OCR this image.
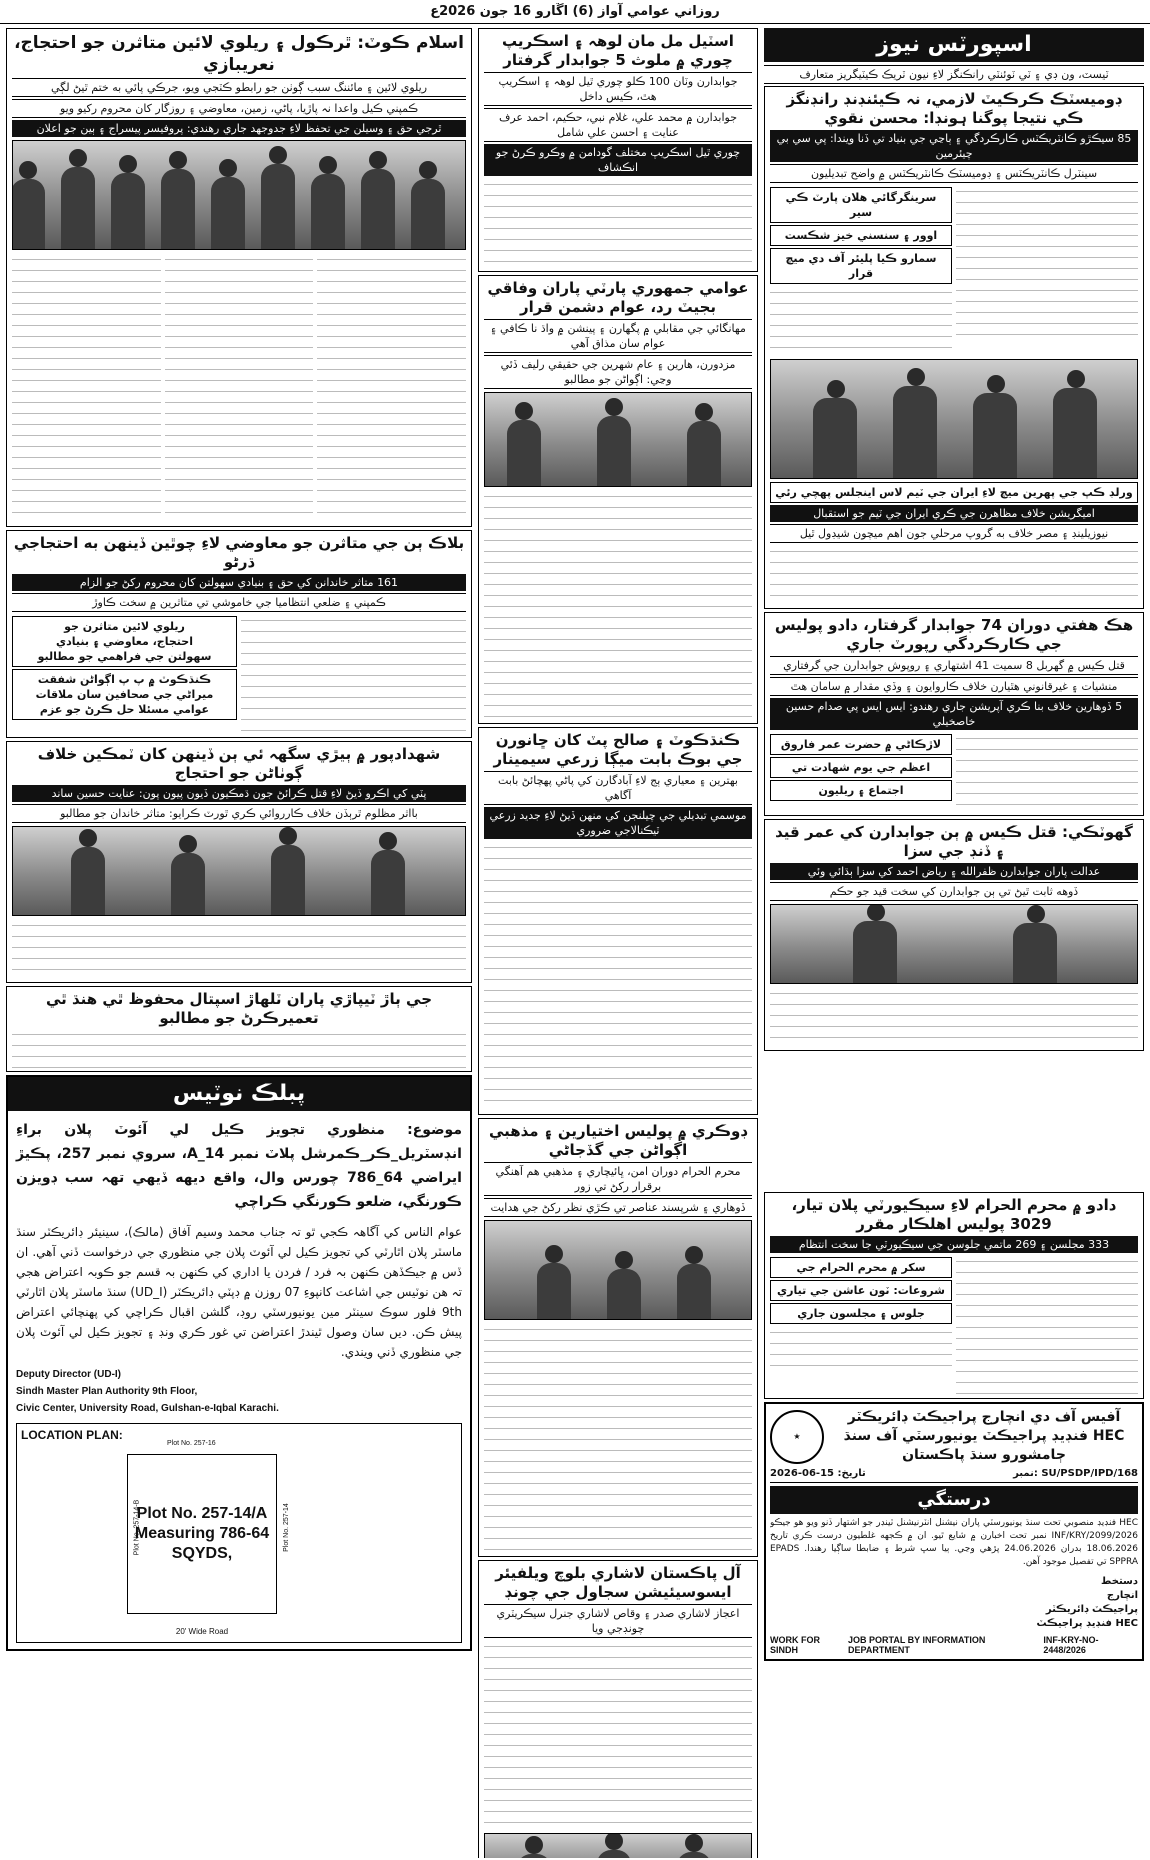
روزاني عوامي آواز (6) اڱارو 16 جون 2026ع
اسلام ڪوٽ: ٿرڪول ۽ ريلوي لائين متاثرن جو احتجاج، نعريبازي
ريلوي لائين ۽ مائننگ سبب ڳوٺن جو رابطو ڪٽجي ويو، جرڪي پائي به ختم ٿيڻ لڳي
ڪمپني ڪيل واعدا نہ پاڙيا، پاڻي، زمين، معاوضي ۽ روزگار کان محروم رکيو ويو
ٿرجي حق ۽ وسيلن جي تحفظ لاءِ جدوجهد جاري رهندي: پروفيسر پيسراج ۽ ٻين جو اعلان
بلاڪ ٻن جي متاثرن جو معاوضي لاءِ چوٿين ڏينهن به احتجاجي ڌرڻو
161 متاثر خاندانن کي حق ۽ بنيادي سهولتن کان محروم رکڻ جو الزام
ڪمپني ۽ ضلعي انتظاميا جي خاموشي تي متاثرين ۾ سخت ڪاوڙ
ريلوي لائين متاثرن جو
احتجاج، معاوضي ۽ بنيادي
سهولتن جي فراهمي جو مطالبو
ڪنڌڪوٽ ۾ پ پ اڳواڻن شفقت
ميراڻي جي صحافين سان ملاقات
عوامي مسئلا حل ڪرڻ جو عزم
شهدادپور ۾ ٻيڙي سگهہ ئي ٻن ڏينهن کان ٽمڪين خلاف ڳوٺاڻن جو احتجاج
پٽي کي اڪرو ڏيڻ لاءِ قتل ڪرائڻ جون ڌمڪيون ڏيون پيون پون: عنايت حسين ساند
بااثر مظلوم ٿرٻڏن خلاف ڪارروائي ڪري ٿورٽ ڪرايو: متاثر خاندان جو مطالبو
جي ٻاڙ ٽيپاڙي پاران ٽلهاڙ اسپتال محفوظ ٿي هنڌ ٿي تعميرڪرڻ جو مطالبو
پبلڪ نوٽيس
موضوع: منظوري تجويز ڪيل لي آئوٽ پلان براءِ انڊسٽريل_ڪر_ڪمرشل پلاٽ نمبر A_14، سروي نمبر 257، پڪيڙ ايراضي 64_786 چورس وال، واقع ديهه ڏيهي تهہ سب ڊويزن ڪورنگي، ضلعو ڪورنگي ڪراچي
عوام الناس کي آگاهہ ڪجي ٿو تہ جناب محمد وسيم آفاق (مالڪ)، سينيئر ڊائريڪٽر سنڌ ماسٽر پلان اٿارٽي کي تجويز ڪيل لي آئوٽ پلان جي منظوري جي درخواست ڏني آهي. ان ڏس ۾ جيڪڏهن ڪنهن بہ فرد / فردن يا اداري کي ڪنهن بہ قسم جو ڪوبہ اعتراض هجي تہ هن نوٽيس جي اشاعت کانپوءِ 07 روزن ۾ ڊپٽي ڊائريڪٽر (UD_I) سنڌ ماسٽر پلان اٿارٽي 9th فلور سوڪ سينٽر مين يونيورسٽي روڊ، گلشن اقبال ڪراچي کي پهنچائي اعتراض پيش ڪن. ديں سان وصول ٿيندڙ اعتراضن تي غور ڪري ونڊ ۽ تجويز ڪيل لي آئوٽ پلان جي منظوري ڏني ويندي.
Deputy Director (UD-I)
Sindh Master Plan Authority 9th Floor,
Civic Center, University Road, Gulshan-e-Iqbal Karachi.
LOCATION PLAN:
Plot No. 257-16
Plot No. 257-14-B	Plot No. 257-14
Plot No. 257-14/A Measuring 786-64 SQYDS,
20' Wide Road
اسٽيل مل مان لوهہ ۽ اسڪريپ چوري ۾ ملوث 5 جوابدار گرفتار
جوابدارن وٽان 100 ڪلو چوري ٿيل لوهہ ۽ اسڪريپ هٿ، ڪيس داخل
جوابدارن ۾ محمد علي، غلام نبي، حڪيم، احمد عرف عنايت ۽ احسن علي شامل
چوري ٿيل اسڪريپ مختلف گودامن ۾ وڪرو ڪرڻ جو انڪشاف
عوامي جمهوري پارٽي پاران وفاقي بجيٽ رد، عوام دشمن قرار
مهانگائي جي مقابلي ۾ پگهارن ۽ پينشن ۾ واڌ نا ڪافي ۽ عوام سان مذاق آهي
مزدورن، هارين ۽ عام شهرين جي حقيقي رليف ڏئي وڃي: اڳواڻن جو مطالبو
ڪنڌڪوٽ ۽ صالح پٽ کان ڇانورن جي بوڪ بابت ميڳا زرعي سيمينار
بهترين ۽ معياري ٻج لاءِ آبادگارن کي پاڻي پهچائڻ بابت آگاهي
موسمي تبديلي جي چيلنجن کي منهن ڏيڻ لاءِ جديد زرعي ٽيڪنالاجي ضروري
ڊوڪري ۾ پوليس اختيارين ۽ مذهبي اڳواڻن جي گڏجاڻي
محرم الحرام دوران امن، ڀائيچاري ۽ مذهبي هم آهنگي برقرار رکڻ تي زور
ڏوهاري ۽ شرپسند عناصر تي ڪڙي نظر رکڻ جي هدايت
آل پاڪستان لاشاري بلوچ ويلفيئر ايسوسيئيشن سجاول جي چونڊ
اعجاز لاشاري صدر ۽ وقاص لاشاري جنرل سيڪريٽري چونڊجي ويا
اسپورٽس نيوز
ٽيسٽ، ون ڊي ۽ ٽي ٽوئنٽي رانڪنگز لاءِ نيون ٽريڪ ڪيٽيگريز متعارف
ڊوميسٽڪ ڪرڪيٽ لازمي، نہ ڪيئنڊنڊ رانڊنگز ڪي نتيجا پوگنا ہونڊا: محسن نقوي
85 سيڪڙو ڪانٽريڪٽس ڪارڪردگي ۽ ٻاڃي جي بنياد تي ڏنا ويندا: پي سي بي چيئرمين
سينٽرل ڪانٽريڪٽس ۽ ڊوميسٽڪ ڪانٽريڪٽس ۾ واضح تبديليون
سرينگرگائي هلان پارٽ ڪي سير
اوور ۽ سنسني خيز شڪست
سمارو ڪيا پليئر آف دي ميچ قرار
ورلڊ ڪپ جي پهرين ميچ لاءِ ايران جي ٽيم لاس اينجلس پهچي رئي
اميگريشن خلاف مظاهرن جي ڪري ايران جي ٽيم جو استقبال
نيوزيلينڊ ۽ مصر خلاف به گروپ مرحلي جون اهم ميچون شيڊول ٿيل
هڪ هفتي دوران 74 جوابدار گرفتار، دادو پوليس جي ڪارڪردگي رپورٽ جاري
قتل ڪيس ۾ گهربل 8 سميت 41 اشتهاري ۽ روپوش جوابدارن جي گرفتاري
منشيات ۽ غيرقانوني هٿيارن خلاف ڪاروايون ۽ وڏي مقدار ۾ سامان هٿ
5 ڏوهارين خلاف بنا ڪري آپريشن جاري رهندو: ايس ايس پي صدام حسين خاصخيلي
لاڙڪاڻي ۾ حضرت عمر فاروق
اعظم جي يوم شهادت تي
اجتماع ۽ ريليون
گهوٽڪي: قتل ڪيس ۾ ٻن جوابدارن کي عمر قيد ۽ ڏنڊ جي سزا
عدالت پاران جوابدارن ظفرالله ۽ رياض احمد کي سزا ٻڌائي وئي
ڏوهه ثابت ٿيڻ تي ٻن جوابدارن کي سخت قيد جو حڪم
دادو ۾ محرم الحرام لاءِ سيڪيورٽي پلان تيار، 3029 پوليس اهلڪار مقرر
333 مجلسن ۽ 269 ماتمي جلوسن جي سيڪيورٽي جا سخت انتظام
سکر ۾ محرم الحرام جي
شروعات: ٽون عاشن جي تياري
جلوس ۽ مجلسون جاري
آفيس آف دي انچارج پراجيڪٽ ڊائريڪٽر
HEC فنڊيڊ پراجيڪٽ يونيورسٽي آف سنڌ
ڄامشورو سنڌ پاڪستان
★
SU/PSDP/IPD/168 :نمبر
تاريخ: 15-06-2026
درستگي
HEC فنڊيڊ منصوبي تحت سنڌ يونيورسٽي پاران نيشنل انٽرنيشنل ٽينڊر جو اشتهار ڏنو ويو هو جيڪو INF/KRY/2099/2026 نمبر تحت اخبارن ۾ شايع ٿيو. ان ۾ ڪجهه غلطيون درست ڪري تاريخ 18.06.2026 بدران 24.06.2026 پڙهي وڃي. ٻيا سڀ شرط ۽ ضابطا ساڳيا رهندا. EPADS SPPRA تي تفصيل موجود آهن.
دستخط
انچارج
پراجيڪٽ ڊائريڪٽر
HEC فنڊيڊ پراجيڪٽ
WORK FOR SINDH
JOB PORTAL BY INFORMATION DEPARTMENT
INF-KRY-NO-2448/2026
